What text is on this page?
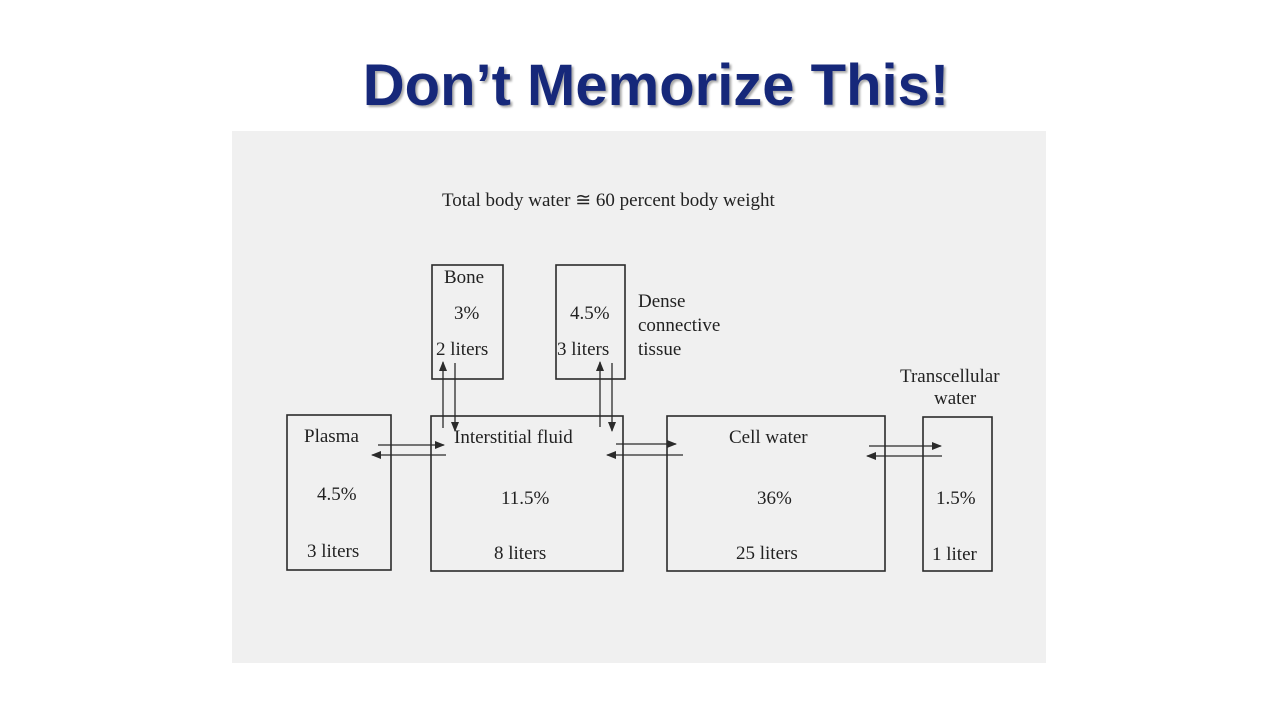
Don’t Memorize This!
Total body water ≅ 60 percent body weight
Bone
3%
2 liters
4.5%
3 liters
Dense
connective
tissue
Transcellular
water
Plasma
4.5%
3 liters
Interstitial fluid
11.5%
8 liters
Cell water
36%
25 liters
1.5%
1 liter
